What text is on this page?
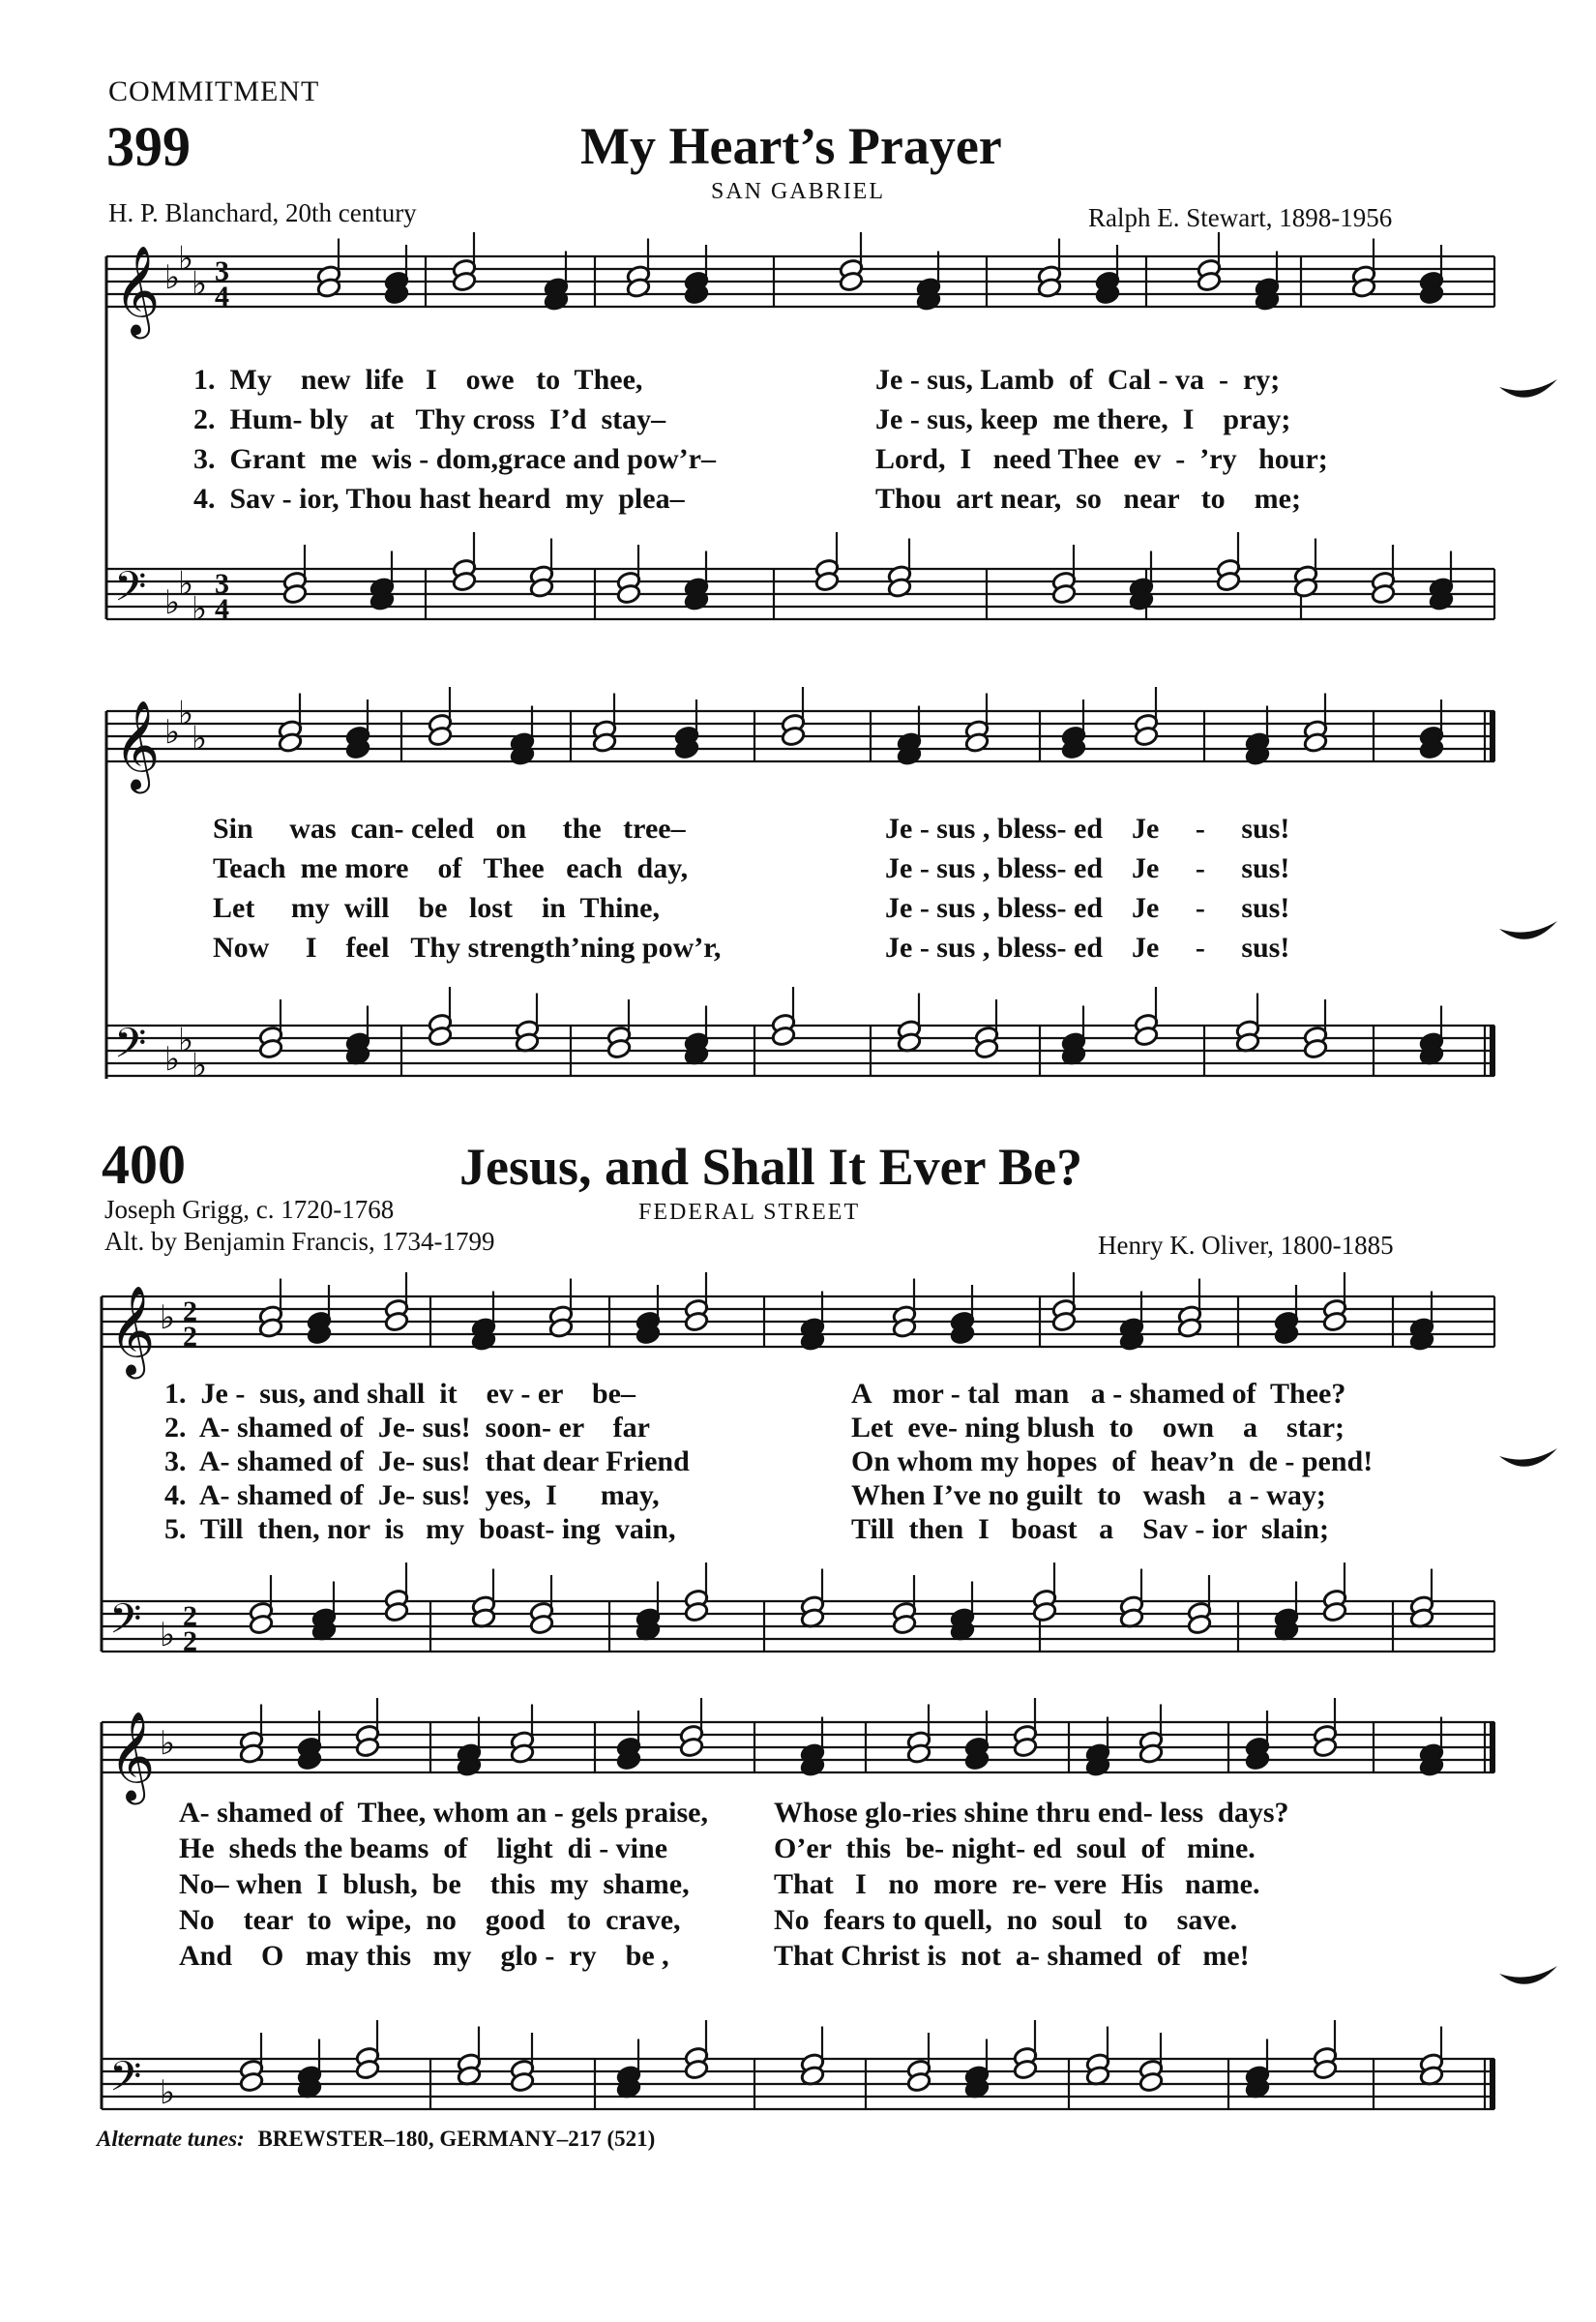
COMMITMENT
399	My Heart’s Prayer
SAN GABRIEL
H. P. Blanchard, 20th century	Ralph E. Stewart, 1898-1956
400	Jesus, and Shall It Ever Be?
FEDERAL STREET
Joseph Grigg, c. 1720-1768
Alt. by Benjamin Francis, 1734-1799	Henry K. Oliver, 1800-1885
𝄞 ♭
♭
♭ 3
4
𝄢 ♭
♭
♭
3
4
𝄞 ♭
♭
♭
𝄢 ♭
♭
♭
𝄞 ♭ 2
2
𝄢 ♭
2
2
𝄞 ♭
𝄢 ♭
1.  My    new  life   I    owe   to  Thee,
2.  Hum- bly   at   Thy cross  I’d  stay–
3.  Grant  me  wis - dom,grace and pow’r–
4.  Sav - ior, Thou hast heard  my  plea–
Je - sus, Lamb  of  Cal - va  -  ry;
Je - sus, keep  me there,  I    pray;
Lord,  I   need Thee  ev  -  ’ry   hour;
Thou  art near,  so   near   to    me;
Sin     was  can- celed   on     the   tree–
Teach  me more    of   Thee   each  day,
Let     my  will    be   lost    in  Thine,
Now     I    feel   Thy strength’ning pow’r,
Je - sus , bless- ed    Je     -     sus!
Je - sus , bless- ed    Je     -     sus!
Je - sus , bless- ed    Je     -     sus!
Je - sus , bless- ed    Je     -     sus!
1.  Je -  sus, and shall  it    ev - er    be–
2.  A- shamed of  Je- sus!  soon- er    far
3.  A- shamed of  Je- sus!  that dear Friend
4.  A- shamed of  Je- sus!  yes,  I      may,
5.  Till  then, nor  is   my  boast- ing  vain,
A   mor - tal  man   a - shamed of  Thee?
Let  eve- ning blush  to    own    a    star;
On whom my hopes  of  heav’n  de - pend!
When I’ve no guilt  to   wash   a - way;
Till  then  I   boast   a    Sav - ior  slain;
A- shamed of  Thee, whom an - gels praise,
He  sheds the beams  of    light  di - vine
No– when  I  blush,  be    this  my  shame,
No    tear  to  wipe,  no    good   to  crave,
And    O   may this   my    glo -  ry    be ,
Whose glo-ries shine thru end- less  days?
O’er  this  be- night- ed  soul  of   mine.
That   I   no  more  re- vere  His   name.
No  fears to quell,  no  soul   to    save.
That Christ is  not  a- shamed  of   me!
Alternate tunes: BREWSTER–180, GERMANY–217 (521)
